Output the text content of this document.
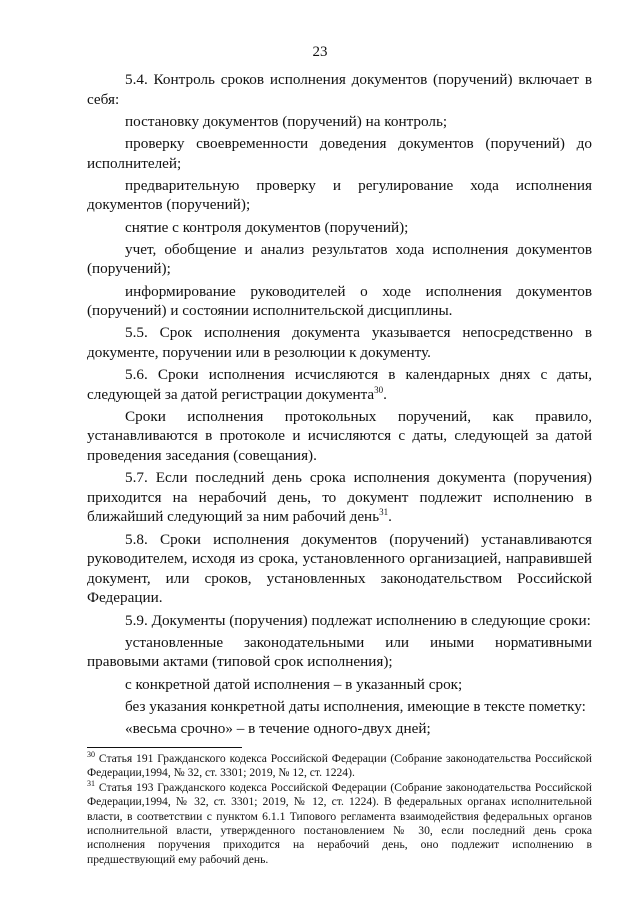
23

5.4. Контроль сроков исполнения документов (поручений) включает в себя:

постановку документов (поручений) на контроль;

проверку своевременности доведения документов (поручений) до исполнителей;

предварительную проверку и регулирование хода исполнения документов (поручений);

снятие с контроля документов (поручений);

учет, обобщение и анализ результатов хода исполнения документов (поручений);

информирование руководителей о ходе исполнения документов (поручений) и состоянии исполнительской дисциплины.

5.5. Срок исполнения документа указывается непосредственно в документе, поручении или в резолюции к документу.

5.6. Сроки исполнения исчисляются в календарных днях с даты, следующей за датой регистрации документа$^{30}$.

Сроки исполнения протокольных поручений, как правило, устанавливаются в протоколе и исчисляются с даты, следующей за датой проведения заседания (совещания).

5.7. Если последний день срока исполнения документа (поручения) приходится на нерабочий день, то документ подлежит исполнению в ближайший следующий за ним рабочий день$^{31}$.

5.8. Сроки исполнения документов (поручений) устанавливаются руководителем, исходя из срока, установленного организацией, направившей документ, или сроков, установленных законодательством Российской Федерации.

5.9. Документы (поручения) подлежат исполнению в следующие сроки:

установленные законодательными или иными нормативными правовыми актами (типовой срок исполнения);

с конкретной датой исполнения – в указанный срок;

без указания конкретной даты исполнения, имеющие в тексте пометку:

«весьма срочно» – в течение одного-двух дней;

$^{30}$ Статья 191 Гражданского кодекса Российской Федерации (Собрание законодательства Российской Федерации,1994, № 32, ст. 3301; 2019, № 12, ст. 1224).

$^{31}$ Статья 193 Гражданского кодекса Российской Федерации (Собрание законодательства Российской Федерации,1994, № 32, ст. 3301; 2019, № 12, ст. 1224). В федеральных органах исполнительной власти, в соответствии с пунктом 6.1.1 Типового регламента взаимодействия федеральных органов исполнительной власти, утвержденного постановлением № 30, если последний день срока исполнения поручения приходится на нерабочий день, оно подлежит исполнению в предшествующий ему рабочий день.
